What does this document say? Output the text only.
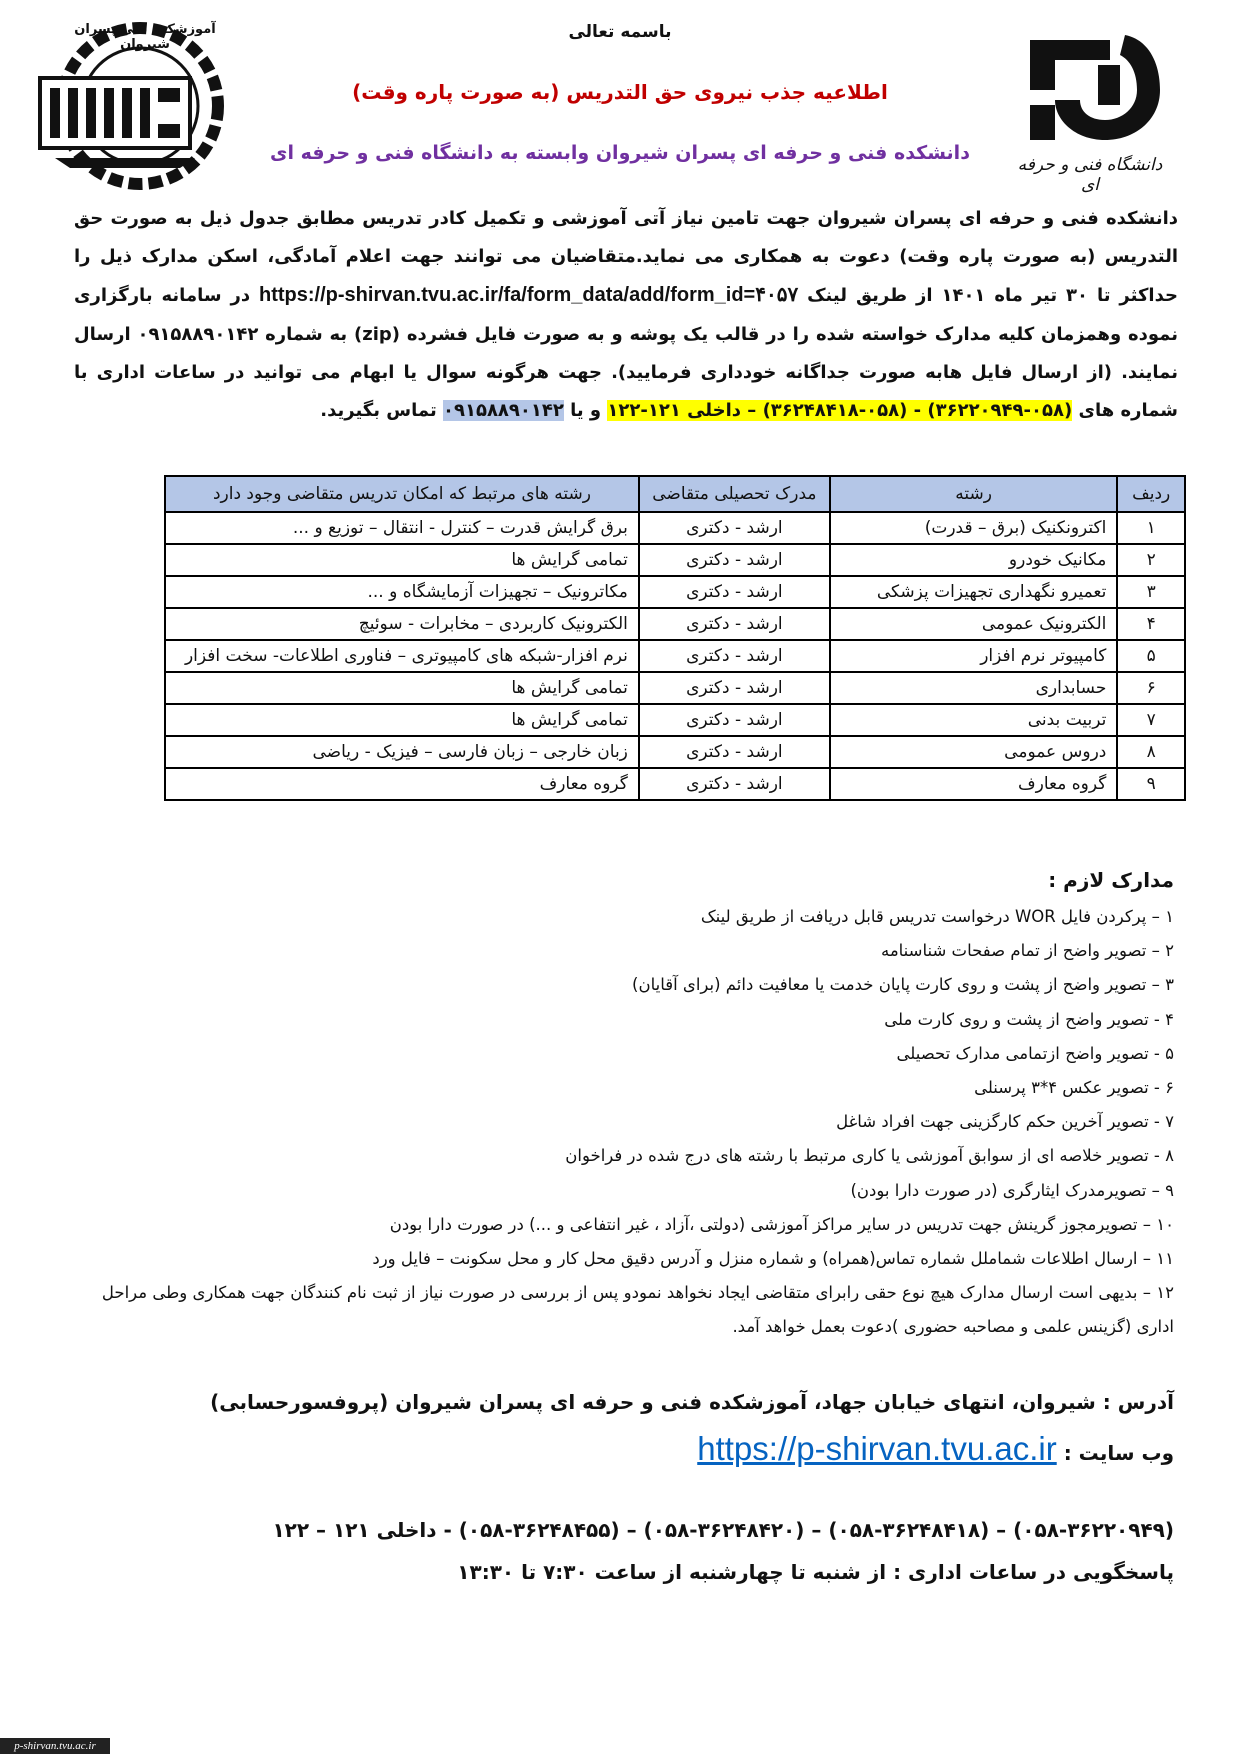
دانشگاه فنی و حرفه ای
آموزشکده فنی پسران شیروان
باسمه تعالی
اطلاعیه جذب نیروی حق التدریس (به صورت پاره وقت)
دانشکده فنی و حرفه ای پسران شیروان وابسته به دانشگاه فنی و حرفه ای
دانشکده فنی و حرفه ای پسران شیروان جهت تامین نیاز آتی آموزشی و تکمیل کادر تدریس مطابق جدول ذیل به صورت حق التدریس (به صورت پاره وقت) دعوت به همکاری می نماید.متقاضیان می توانند جهت اعلام آمادگی، اسکن مدارک ذیل را حداکثر تا ۳۰ تیر ماه ۱۴۰۱ از طریق لینک https://p-shirvan.tvu.ac.ir/fa/form_data/add/form_id=۴۰۵۷ در سامانه بارگزاری نموده وهمزمان کلیه مدارک خواسته شده را در قالب یک پوشه و به صورت فایل فشرده (zip) به شماره ۰۹۱۵۸۸۹۰۱۴۲ ارسال نمایند. (از ارسال فایل هابه صورت جداگانه خودداری فرمایید). جهت هرگونه سوال یا ابهام می توانید در ساعات اداری با شماره های (۰۵۸-۳۶۲۲۰۹۴۹) - (۰۵۸-۳۶۲۴۸۴۱۸) – داخلی ۱۲۱-۱۲۲ و یا ۰۹۱۵۸۸۹۰۱۴۲ تماس بگیرید.
ردیف	رشته	مدرک تحصیلی متقاضی	رشته های مرتبط که امکان تدریس متقاضی وجود دارد
۱	اکترونکنیک (برق – قدرت)	ارشد - دکتری	برق گرایش قدرت – کنترل - انتقال – توزیع و ...
۲	مکانیک خودرو	ارشد - دکتری	تمامی گرایش ها
۳	تعمیرو نگهداری تجهیزات پزشکی	ارشد - دکتری	مکاترونیک – تجهیزات آزمایشگاه و ...
۴	الکترونیک عمومی	ارشد - دکتری	الکترونیک کاربردی – مخابرات - سوئیچ
۵	کامپیوتر نرم افزار	ارشد - دکتری	نرم افزار-شبکه های کامپیوتری – فناوری اطلاعات- سخت افزار
۶	حسابداری	ارشد - دکتری	تمامی گرایش ها
۷	تربیت بدنی	ارشد - دکتری	تمامی گرایش ها
۸	دروس عمومی	ارشد - دکتری	زبان خارجی – زبان فارسی – فیزیک - ریاضی
۹	گروه معارف	ارشد - دکتری	گروه معارف
مدارک لازم :
۱ – پرکردن فایل WOR درخواست تدریس قابل دریافت از طریق لینک
۲ – تصویر واضح از تمام صفحات شناسنامه
۳ – تصویر واضح از پشت و روی کارت پایان خدمت یا معافیت دائم (برای آقایان)
۴ - تصویر واضح از پشت و روی کارت ملی
۵ - تصویر واضح ازتمامی مدارک تحصیلی
۶ - تصویر عکس ۴*۳ پرسنلی
۷ - تصویر آخرین حکم کارگزینی جهت افراد شاغل
۸ - تصویر خلاصه ای از سوابق آموزشی یا کاری مرتبط با رشته های درج شده در فراخوان
۹ – تصویرمدرک ایثارگری (در صورت دارا بودن)
۱۰ – تصویرمجوز گرینش جهت تدریس در سایر مراکز آموزشی (دولتی ،آزاد ، غیر انتفاعی و ...) در صورت دارا بودن
۱۱ – ارسال اطلاعات شماملل شماره تماس(همراه) و شماره منزل و آدرس دقیق محل کار و محل سکونت – فایل ورد
۱۲ – بدیهی است ارسال مدارک هیچ نوع حقی رابرای متقاضی ایجاد نخواهد نمودو پس از بررسی در صورت نیاز از ثبت نام کنندگان جهت همکاری وطی مراحل اداری (گزینس علمی و مصاحبه حضوری )دعوت بعمل خواهد آمد.
آدرس : شیروان، انتهای خیابان جهاد، آموزشکده فنی و حرفه ای پسران شیروان (پروفسورحسابی)
وب سایت : https://p-shirvan.tvu.ac.ir
(۰۵۸-۳۶۲۲۰۹۴۹) – (۰۵۸-۳۶۲۴۸۴۱۸) – (۰۵۸-۳۶۲۴۸۴۲۰) – (۰۵۸-۳۶۲۴۸۴۵۵) - داخلی ۱۲۱ – ۱۲۲
پاسخگویی در ساعات اداری : از شنبه تا چهارشنبه از ساعت ۷:۳۰ تا ۱۳:۳۰
p-shirvan.tvu.ac.ir
